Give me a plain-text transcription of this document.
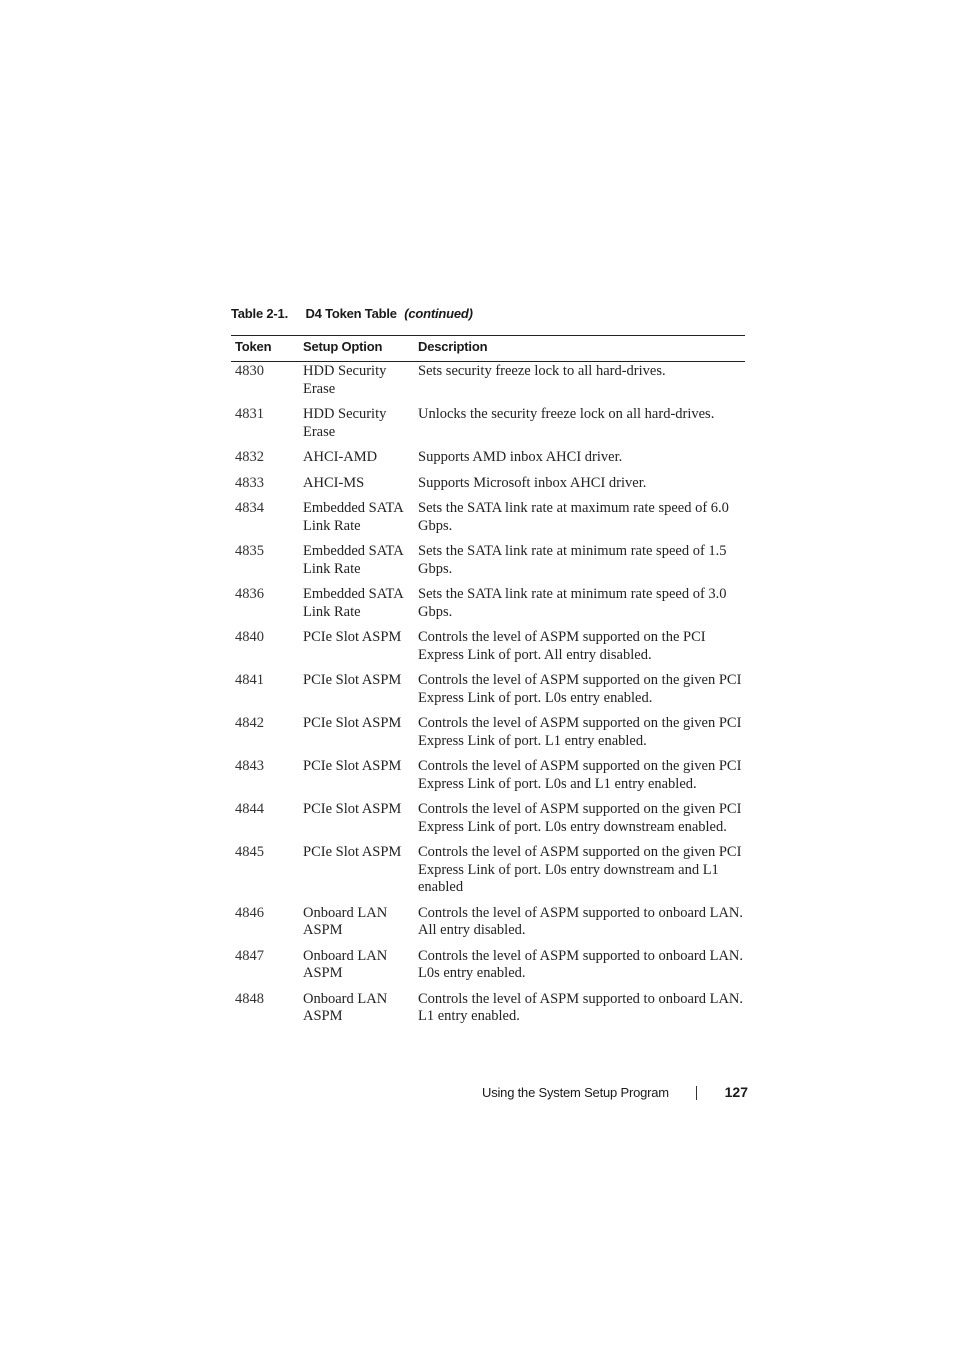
Table 2-1. D4 Token Table (continued)
Token	Setup Option	Description
4830	HDD Security Erase	Sets security freeze lock to all hard-drives.
4831	HDD Security Erase	Unlocks the security freeze lock on all hard-drives.
4832	AHCI-AMD	Supports AMD inbox AHCI driver.
4833	AHCI-MS	Supports Microsoft inbox AHCI driver.
4834	Embedded SATA Link Rate	Sets the SATA link rate at maximum rate speed of 6.0 Gbps.
4835	Embedded SATA Link Rate	Sets the SATA link rate at minimum rate speed of 1.5 Gbps.
4836	Embedded SATA Link Rate	Sets the SATA link rate at minimum rate speed of 3.0 Gbps.
4840	PCIe Slot ASPM	Controls the level of ASPM supported on the PCI Express Link of port. All entry disabled.
4841	PCIe Slot ASPM	Controls the level of ASPM supported on the given PCI Express Link of port. L0s entry enabled.
4842	PCIe Slot ASPM	Controls the level of ASPM supported on the given PCI Express Link of port. L1 entry enabled.
4843	PCIe Slot ASPM	Controls the level of ASPM supported on the given PCI Express Link of port. L0s and L1 entry enabled.
4844	PCIe Slot ASPM	Controls the level of ASPM supported on the given PCI Express Link of port. L0s entry downstream enabled.
4845	PCIe Slot ASPM	Controls the level of ASPM supported on the given PCI Express Link of port. L0s entry downstream and L1 enabled
4846	Onboard LAN ASPM	Controls the level of ASPM supported to onboard LAN. All entry disabled.
4847	Onboard LAN ASPM	Controls the level of ASPM supported to onboard LAN. L0s entry enabled.
4848	Onboard LAN ASPM	Controls the level of ASPM supported to onboard LAN. L1 entry enabled.
Using the System Setup Program	127
